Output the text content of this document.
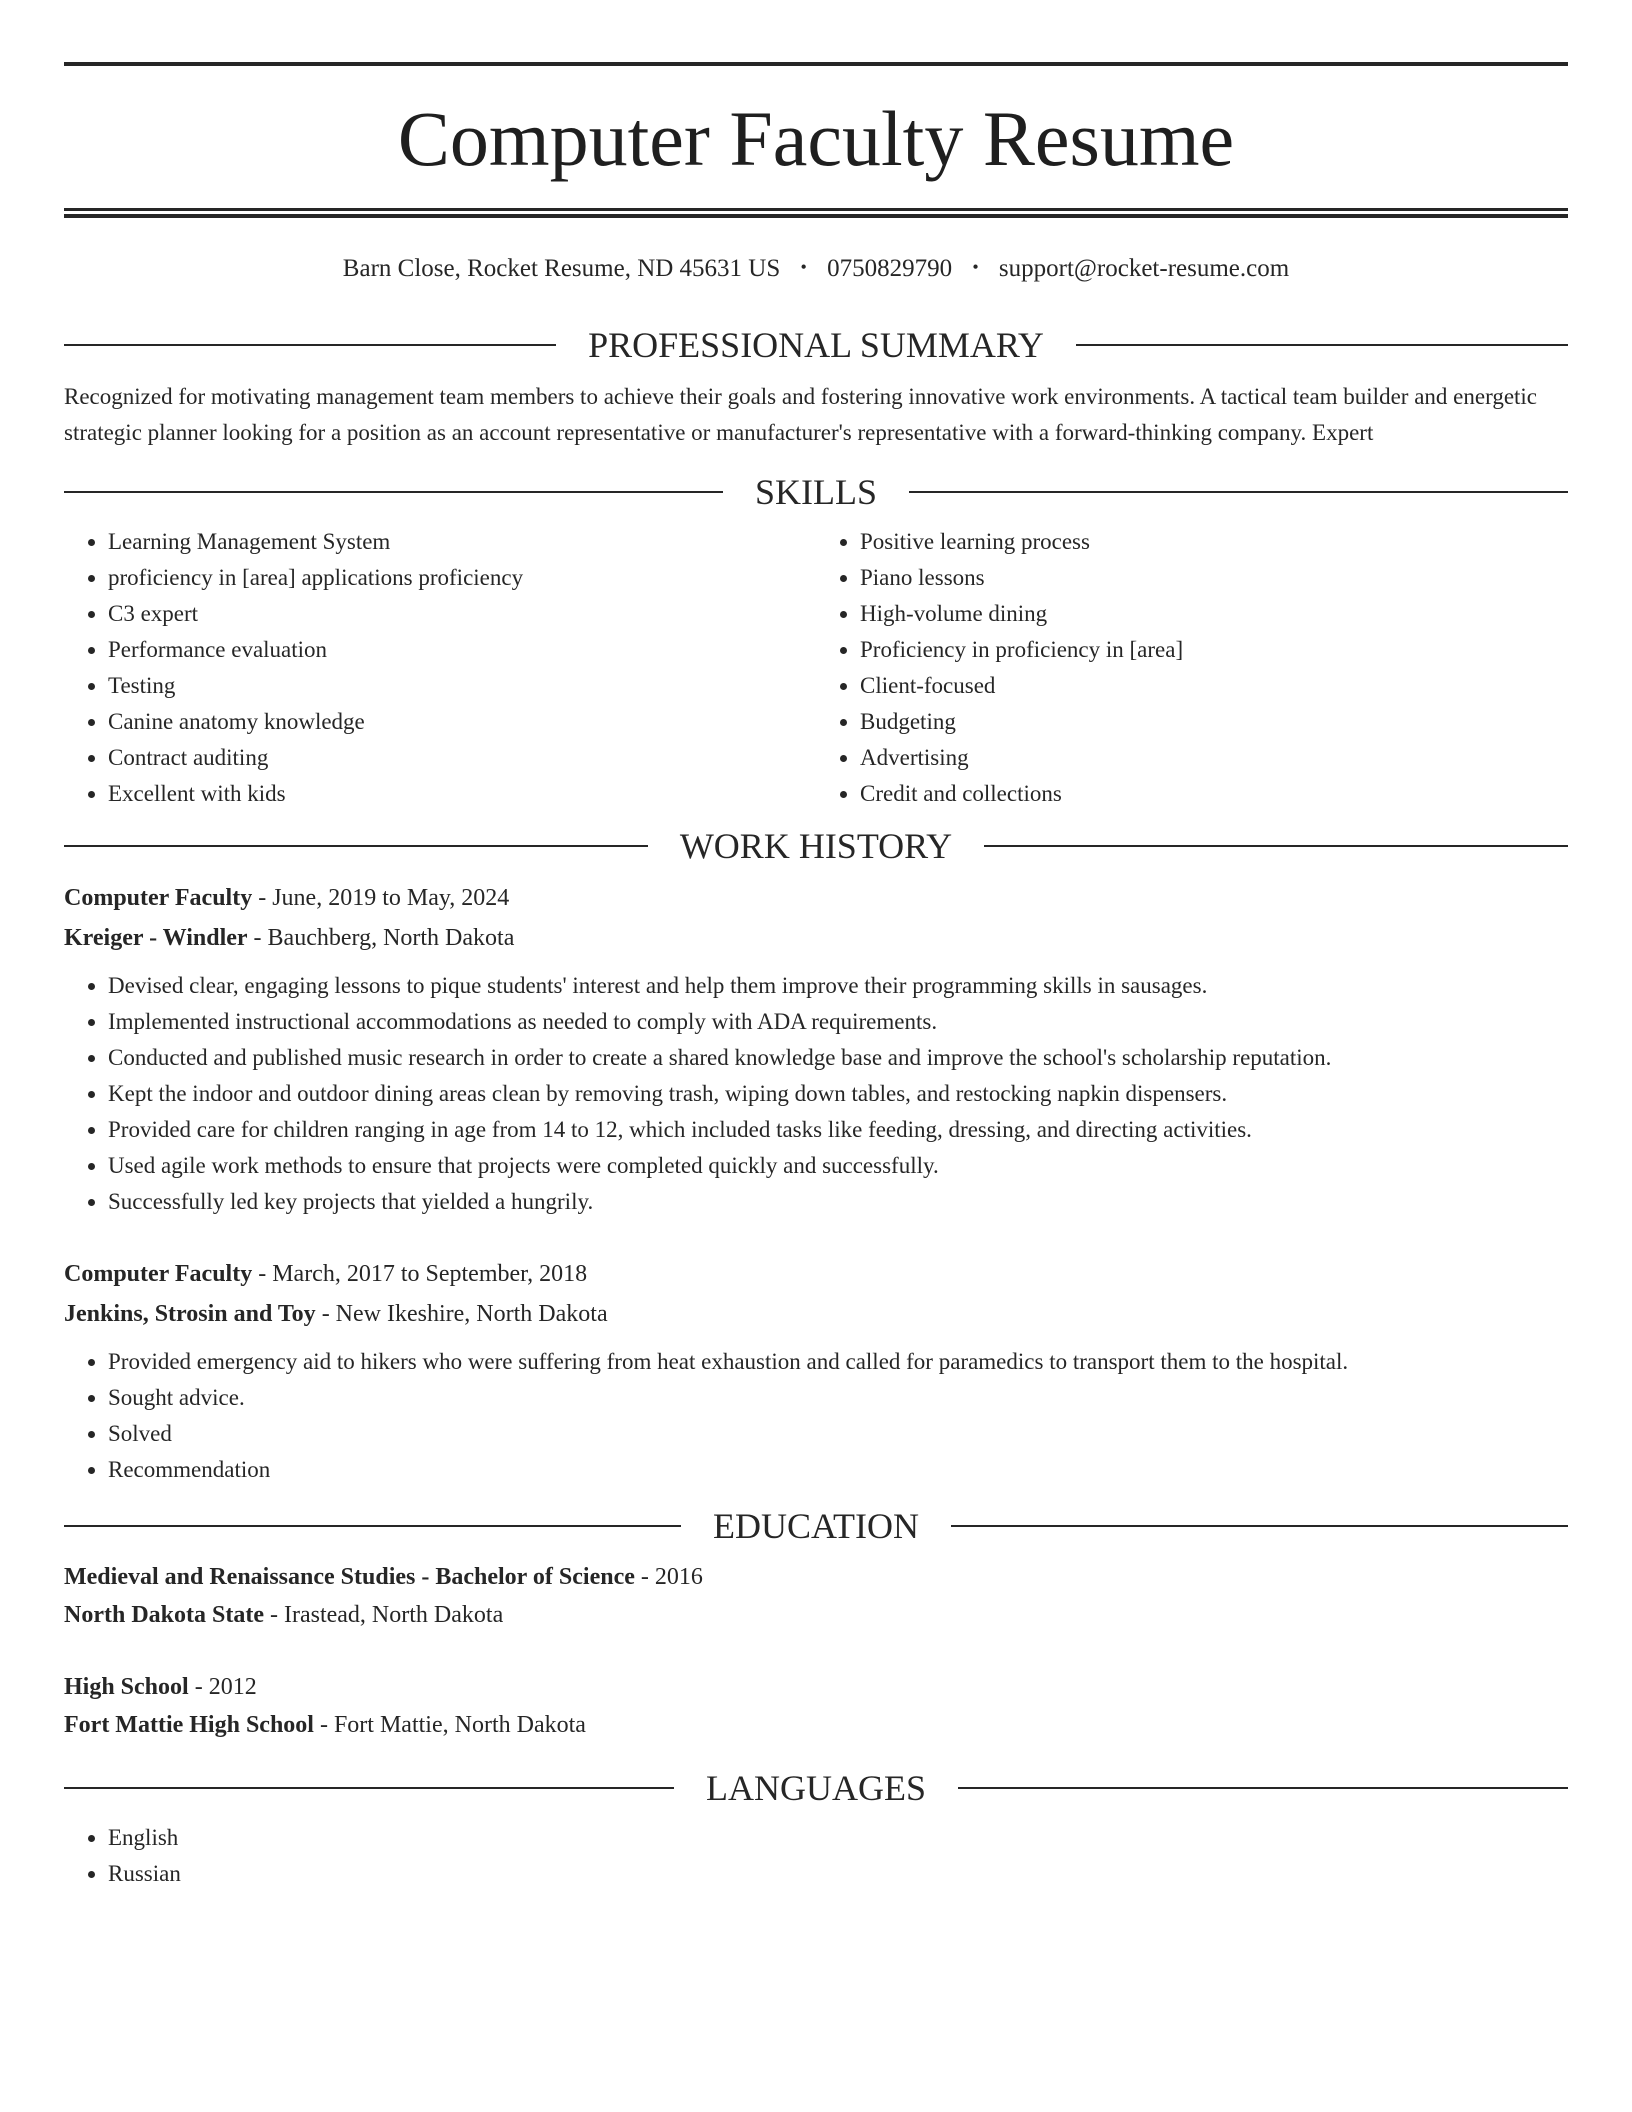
Computer Faculty Resume
Barn Close, Rocket Resume, ND 45631 US • 0750829790 • support@rocket-resume.com
PROFESSIONAL SUMMARY

Recognized for motivating management team members to achieve their goals and fostering innovative work environments. A tactical team builder and energetic strategic planner looking for a position as an account representative or manufacturer's representative with a forward-thinking company. Expert

SKILLS
• Learning Management System
• proficiency in [area] applications proficiency
• C3 expert
• Performance evaluation
• Testing
• Canine anatomy knowledge
• Contract auditing
• Excellent with kids
• Positive learning process
• Piano lessons
• High-volume dining
• Proficiency in proficiency in [area]
• Client-focused
• Budgeting
• Advertising
• Credit and collections
WORK HISTORY
Computer Faculty - June, 2019 to May, 2024
Kreiger - Windler - Bauchberg, North Dakota
• Devised clear, engaging lessons to pique students' interest and help them improve their programming skills in sausages.
• Implemented instructional accommodations as needed to comply with ADA requirements.
• Conducted and published music research in order to create a shared knowledge base and improve the school's scholarship reputation.
• Kept the indoor and outdoor dining areas clean by removing trash, wiping down tables, and restocking napkin dispensers.
• Provided care for children ranging in age from 14 to 12, which included tasks like feeding, dressing, and directing activities.
• Used agile work methods to ensure that projects were completed quickly and successfully.
• Successfully led key projects that yielded a hungrily.
Computer Faculty - March, 2017 to September, 2018
Jenkins, Strosin and Toy - New Ikeshire, North Dakota
• Provided emergency aid to hikers who were suffering from heat exhaustion and called for paramedics to transport them to the hospital.
• Sought advice.
• Solved
• Recommendation
EDUCATION
Medieval and Renaissance Studies - Bachelor of Science - 2016
North Dakota State - Irastead, North Dakota
High School - 2012
Fort Mattie High School - Fort Mattie, North Dakota
LANGUAGES
• English
• Russian
